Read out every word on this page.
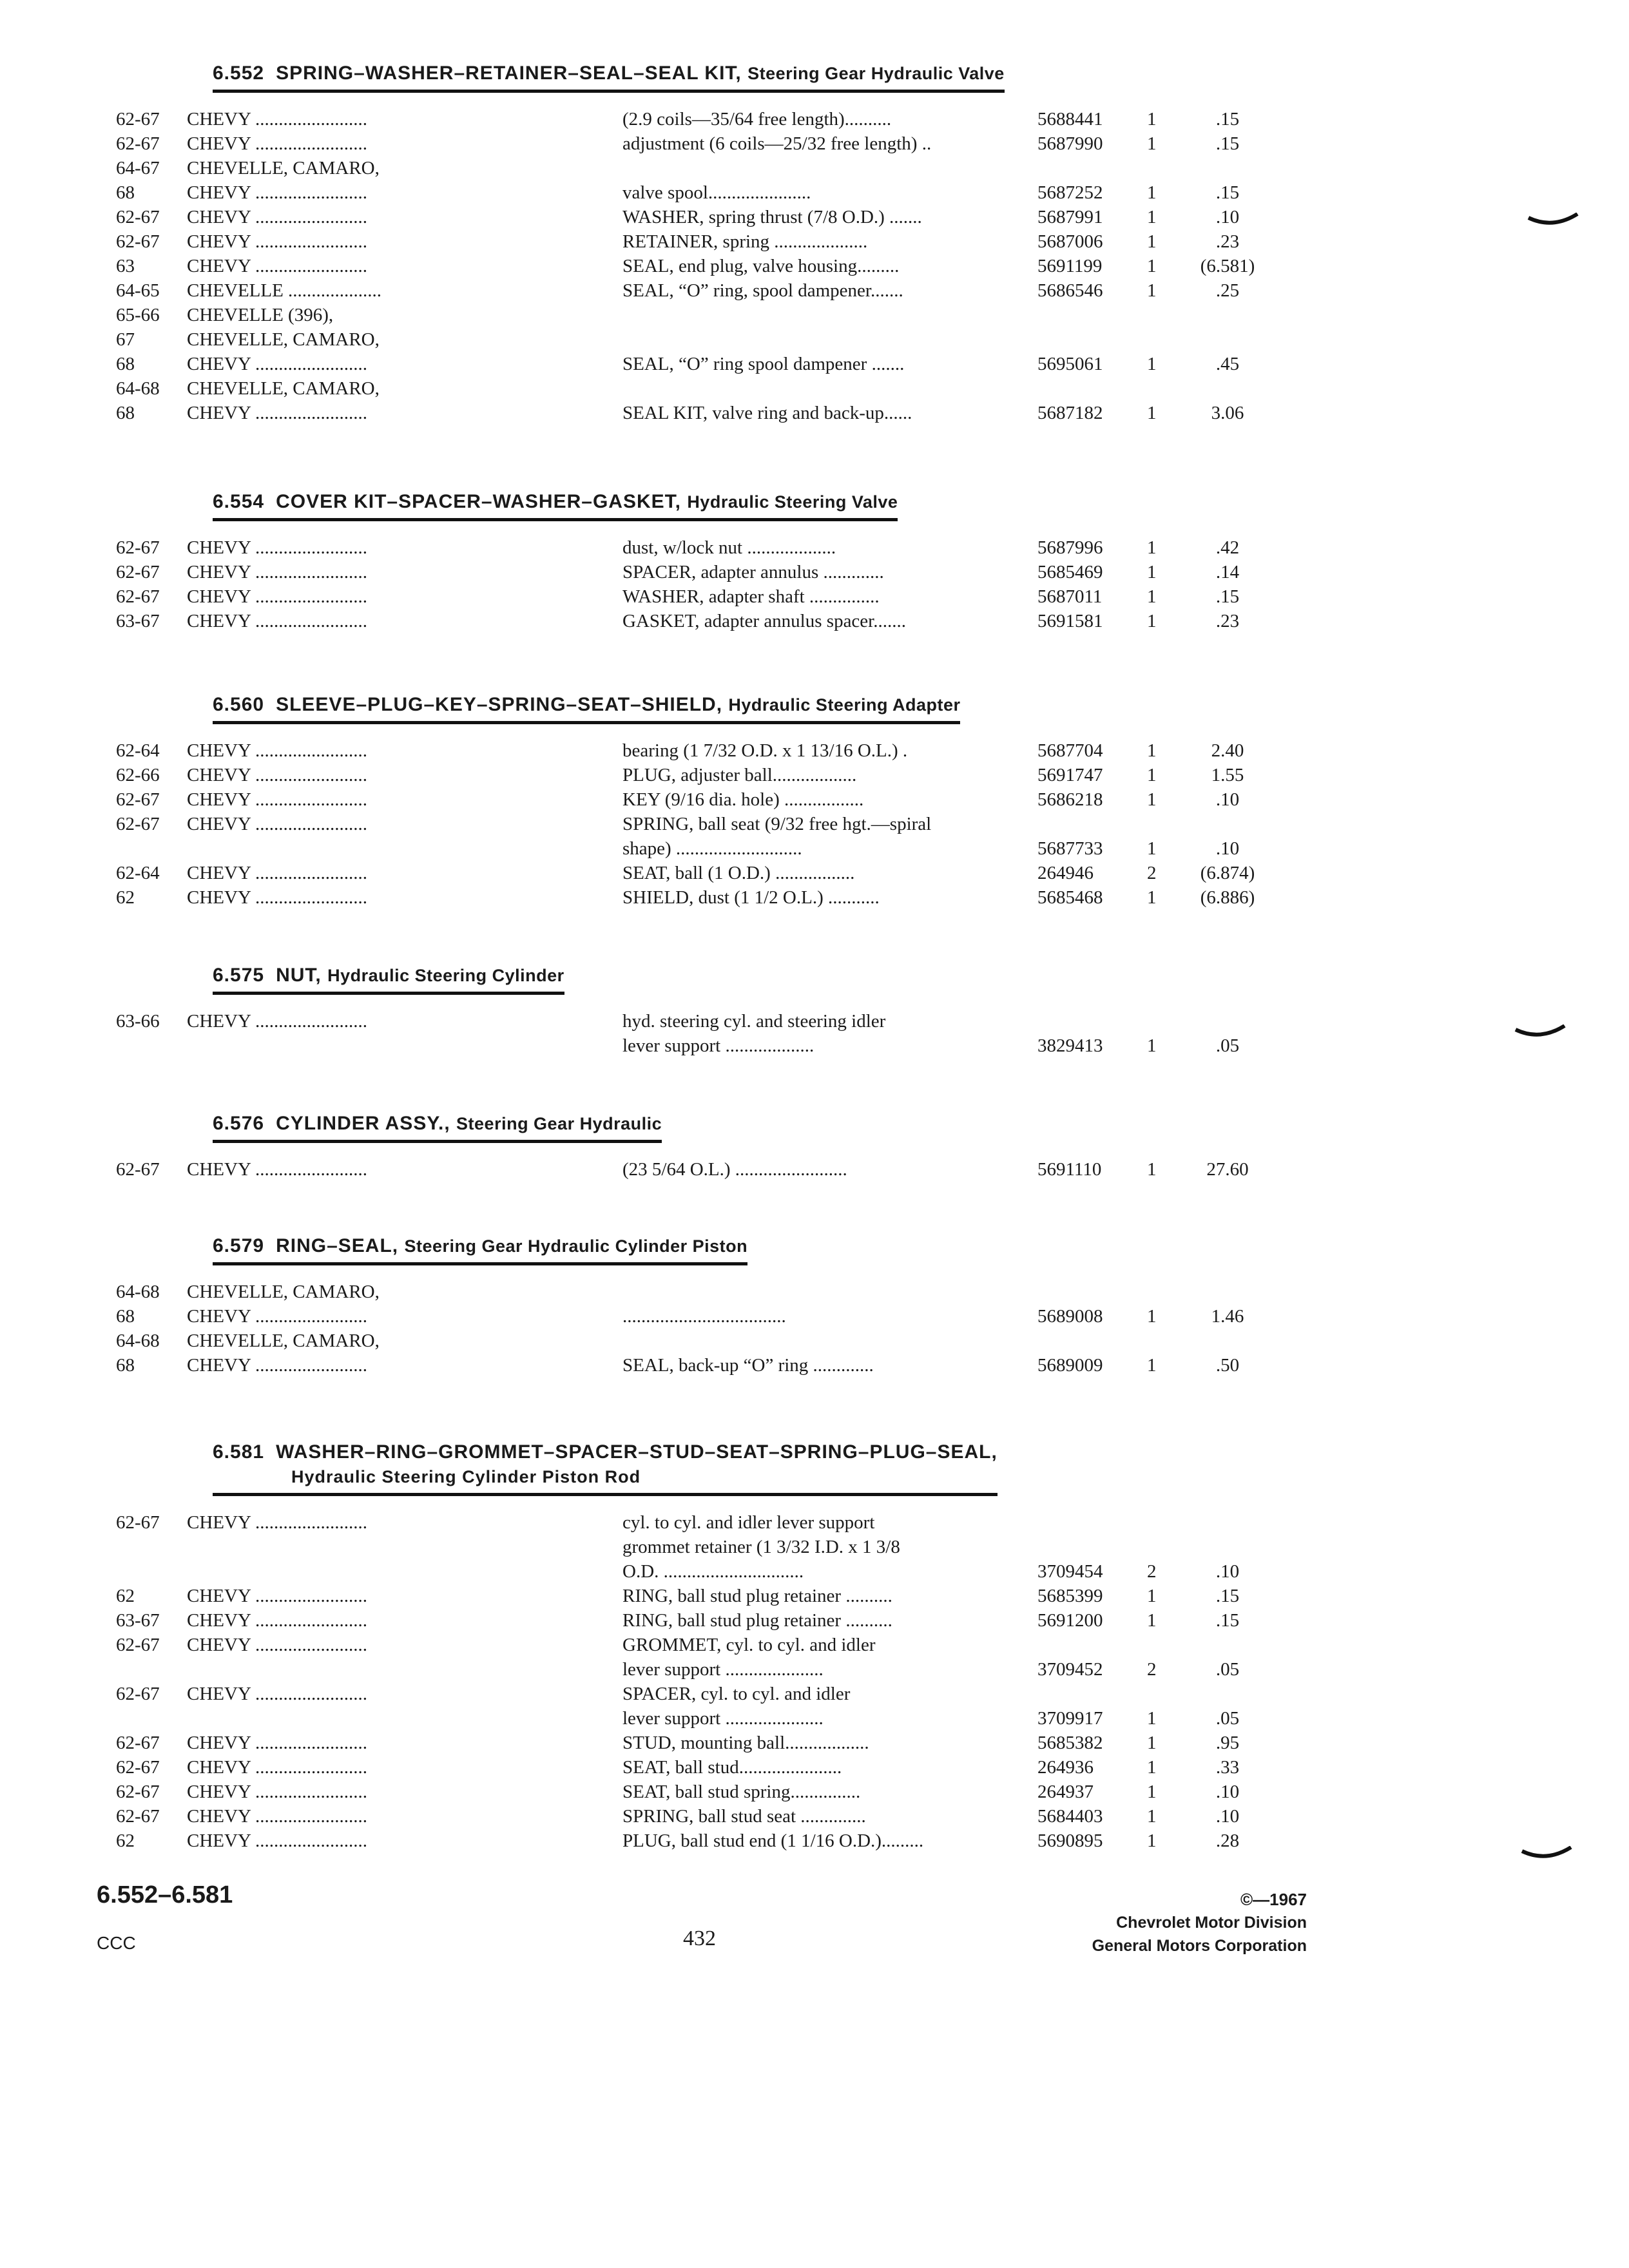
6.552 SPRING–WASHER–RETAINER–SEAL–SEAL KIT, Steering Gear Hydraulic Valve
62-67	CHEVY ........................	(2.9 coils—35/64 free length)..........	5688441	1	.15
62-67	CHEVY ........................	adjustment (6 coils—25/32 free length) ..	5687990	1	.15
64-67	CHEVELLE, CAMARO,
68	CHEVY ........................	valve spool......................	5687252	1	.15
62-67	CHEVY ........................	WASHER, spring thrust (7/8 O.D.) .......	5687991	1	.10
62-67	CHEVY ........................	RETAINER, spring ....................	5687006	1	.23
63	CHEVY ........................	SEAL, end plug, valve housing.........	5691199	1	(6.581)
64-65	CHEVELLE ....................	SEAL, “O” ring, spool dampener.......	5686546	1	.25
65-66	CHEVELLE (396),
67	CHEVELLE, CAMARO,
68	CHEVY ........................	SEAL, “O” ring spool dampener .......	5695061	1	.45
64-68	CHEVELLE, CAMARO,
68	CHEVY ........................	SEAL KIT, valve ring and back-up......	5687182	1	3.06
6.554 COVER KIT–SPACER–WASHER–GASKET, Hydraulic Steering Valve
62-67	CHEVY ........................	dust, w/lock nut ...................	5687996	1	.42
62-67	CHEVY ........................	SPACER, adapter annulus .............	5685469	1	.14
62-67	CHEVY ........................	WASHER, adapter shaft ...............	5687011	1	.15
63-67	CHEVY ........................	GASKET, adapter annulus spacer.......	5691581	1	.23
6.560 SLEEVE–PLUG–KEY–SPRING–SEAT–SHIELD, Hydraulic Steering Adapter
62-64	CHEVY ........................	bearing (1 7/32 O.D. x 1 13/16 O.L.) .	5687704	1	2.40
62-66	CHEVY ........................	PLUG, adjuster ball..................	5691747	1	1.55
62-67	CHEVY ........................	KEY (9/16 dia. hole) .................	5686218	1	.10
62-67	CHEVY ........................	SPRING, ball seat (9/32 free hgt.—spiral
shape) ...........................	5687733	1	.10
62-64	CHEVY ........................	SEAT, ball (1 O.D.) .................	264946	2	(6.874)
62	CHEVY ........................	SHIELD, dust (1 1/2 O.L.) ...........	5685468	1	(6.886)
6.575 NUT, Hydraulic Steering Cylinder
63-66	CHEVY ........................	hyd. steering cyl. and steering idler
lever support ...................	3829413	1	.05
6.576 CYLINDER ASSY., Steering Gear Hydraulic
62-67	CHEVY ........................	(23 5/64 O.L.) ........................	5691110	1	27.60
6.579 RING–SEAL, Steering Gear Hydraulic Cylinder Piston
64-68	CHEVELLE, CAMARO,
68	CHEVY ........................	...................................	5689008	1	1.46
64-68	CHEVELLE, CAMARO,
68	CHEVY ........................	SEAL, back-up “O” ring .............	5689009	1	.50
6.581 WASHER–RING–GROMMET–SPACER–STUD–SEAT–SPRING–PLUG–SEAL,
Hydraulic Steering Cylinder Piston Rod
62-67	CHEVY ........................	cyl. to cyl. and idler lever support
grommet retainer (1 3/32 I.D. x 1 3/8
O.D. ..............................	3709454	2	.10
62	CHEVY ........................	RING, ball stud plug retainer ..........	5685399	1	.15
63-67	CHEVY ........................	RING, ball stud plug retainer ..........	5691200	1	.15
62-67	CHEVY ........................	GROMMET, cyl. to cyl. and idler
lever support .....................	3709452	2	.05
62-67	CHEVY ........................	SPACER, cyl. to cyl. and idler
lever support .....................	3709917	1	.05
62-67	CHEVY ........................	STUD, mounting ball..................	5685382	1	.95
62-67	CHEVY ........................	SEAT, ball stud......................	264936	1	.33
62-67	CHEVY ........................	SEAT, ball stud spring...............	264937	1	.10
62-67	CHEVY ........................	SPRING, ball stud seat ..............	5684403	1	.10
62	CHEVY ........................	PLUG, ball stud end (1 1/16 O.D.).........	5690895	1	.28
6.552–6.581
CCC	432
©—1967
Chevrolet Motor Division
General Motors Corporation
